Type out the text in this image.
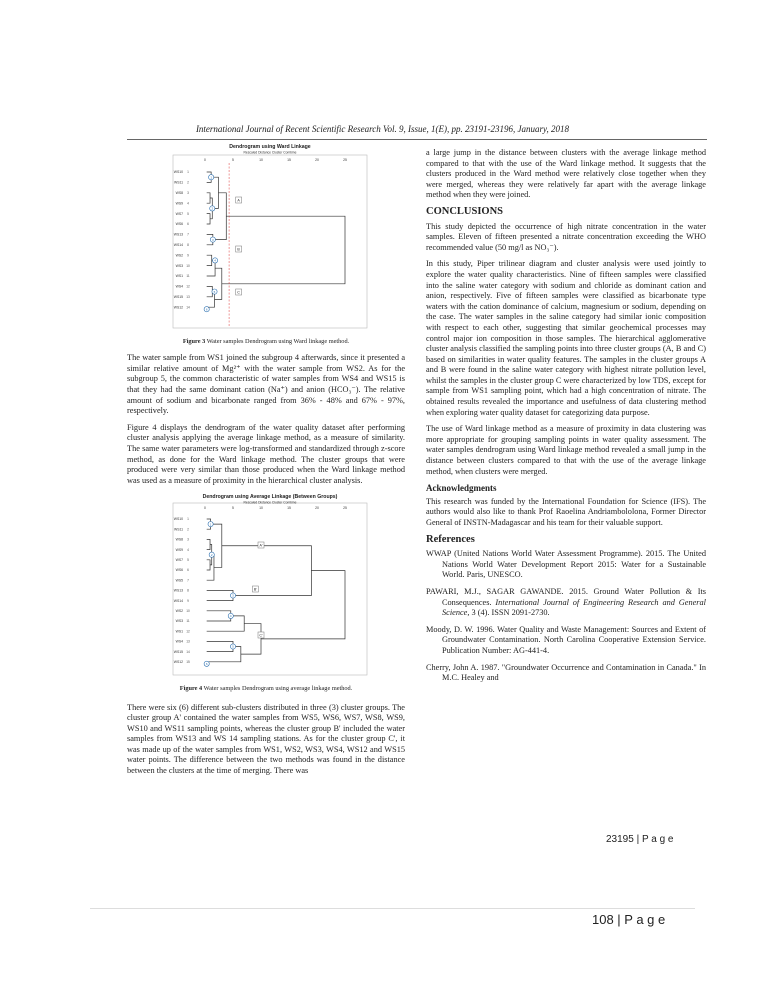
International Journal of Recent Scientific Research Vol. 9, Issue, 1(E), pp. 23191-23196, January, 2018
Dendrogram using Ward Linkage
Rescaled Distance Cluster Combine
0	5	10	15	20	25
WS10 1
WS11 2
WS8 3
WS9 4
WS7 5
WS6 6
WS13 7
WS14 8
WS2 9
WS3 10
WS1 11
WS4 12
WS15 13
WS12 14
1
2
3
4
5
6
A
B
C

Figure 3 Water samples Dendrogram using Ward linkage method.

The water sample from WS1 joined the subgroup 4 afterwards, since it presented a similar relative amount of Mg²⁺ with the water sample from WS2. As for the subgroup 5, the common characteristic of water samples from WS4 and WS15 is that they had the same dominant cation (Na⁺) and anion (HCO₃⁻). The relative amount of sodium and bicarbonate ranged from 36% - 48% and 67% - 97%, respectively.

Figure 4 displays the dendrogram of the water quality dataset after performing cluster analysis applying the average linkage method, as a measure of similarity. The same water parameters were log-transformed and standardized through z-score method, as done for the Ward linkage method. The cluster groups that were produced were very similar than those produced when the Ward linkage method was used as a measure of proximity in the hierarchical cluster analysis.

Dendrogram using Average Linkage (Between Groups)
Rescaled Distance Cluster Combine
0	5	10	15	20	25
WS10 1
WS11 2
WS8 3
WS9 4
WS7 5
WS6 6
WS5 7
WS13 8
WS14 9
WS2 10
WS3 11
WS1 12
WS4 13
WS15 14
WS12 15
1
2
3
4
5
6
A'
B'
C'

Figure 4 Water samples Dendrogram using average linkage method.

There were six (6) different sub-clusters distributed in three (3) cluster groups. The cluster group A' contained the water samples from WS5, WS6, WS7, WS8, WS9, WS10 and WS11 sampling points, whereas the cluster group B' included the water samples from WS13 and WS 14 sampling stations. As for the cluster group C', it was made up of the water samples from WS1, WS2, WS3, WS4, WS12 and WS15 water points. The difference between the two methods was found in the distance between the clusters at the time of merging. There was

a large jump in the distance between clusters with the average linkage method compared to that with the use of the Ward linkage method. It suggests that the clusters produced in the Ward method were relatively close together when they were merged, whereas they were relatively far apart with the average linkage method when they were joined.

CONCLUSIONS

This study depicted the occurrence of high nitrate concentration in the water samples. Eleven of fifteen presented a nitrate concentration exceeding the WHO recommended value (50 mg/l as NO₃⁻).

In this study, Piper trilinear diagram and cluster analysis were used jointly to explore the water quality characteristics. Nine of fifteen samples were classified into the saline water category with sodium and chloride as dominant cation and anion, respectively. Five of fifteen samples were classified as bicarbonate type waters with the cation dominance of calcium, magnesium or sodium, depending on the case. The water samples in the saline category had similar ionic composition with respect to each other, suggesting that similar geochemical processes may control major ion composition in those samples. The hierarchical agglomerative cluster analysis classified the sampling points into three cluster groups (A, B and C) based on similarities in water quality features. The samples in the cluster groups A and B were found in the saline water category with highest nitrate pollution level, whilst the samples in the cluster group C were characterized by low TDS, except for sample from WS1 sampling point, which had a high concentration of nitrate. The obtained results revealed the importance and usefulness of data clustering method when exploring water quality dataset for categorizing data purpose.

The use of Ward linkage method as a measure of proximity in data clustering was more appropriate for grouping sampling points in water quality assessment. The water samples dendrogram using Ward linkage method revealed a small jump in the distance between clusters compared to that with the use of the average linkage method, when clusters were merged.

Acknowledgments

This research was funded by the International Foundation for Science (IFS). The authors would also like to thank Prof Raoelina Andriambololona, Former Director General of INSTN-Madagascar and his team for their valuable support.

References

WWAP (United Nations World Water Assessment Programme). 2015. The United Nations World Water Development Report 2015: Water for a Sustainable World. Paris, UNESCO.

PAWARI, M.J., SAGAR GAWANDE. 2015. Ground Water Pollution & Its Consequences. International Journal of Engineering Research and General Science, 3 (4). ISSN 2091-2730.

Moody, D. W. 1996. Water Quality and Waste Management: Sources and Extent of Groundwater Contamination. North Carolina Cooperative Extension Service. Publication Number: AG-441-4.

Cherry, John A. 1987. "Groundwater Occurrence and Contamination in Canada." In M.C. Healey and

23195 | P a g e
108 | P a g e
